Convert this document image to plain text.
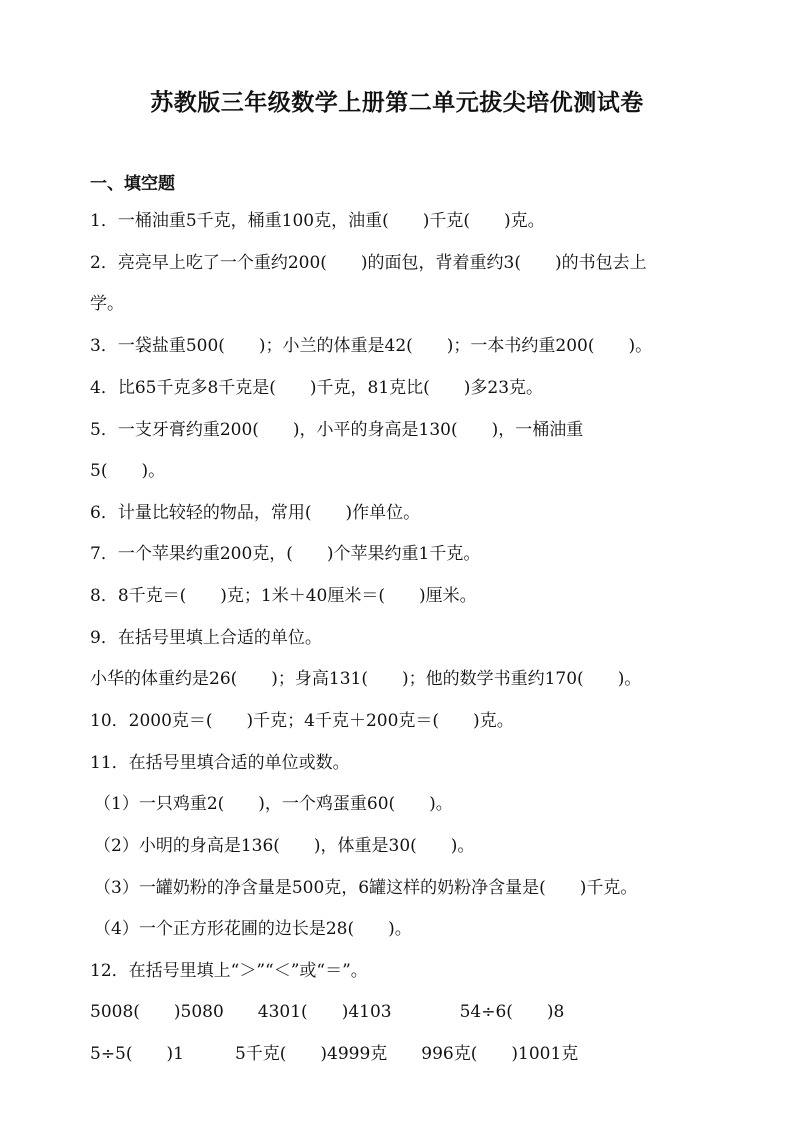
苏教版三年级数学上册第二单元拔尖培优测试卷
一、填空题
1．一桶油重5千克，桶重100克，油重(　　)千克(　　)克。
2．亮亮早上吃了一个重约200(　　)的面包，背着重约3(　　)的书包去上
学。
3．一袋盐重500(　　)；小兰的体重是42(　　)；一本书约重200(　　)。
4．比65千克多8千克是(　　)千克，81克比(　　)多23克。
5．一支牙膏约重200(　　)，小平的身高是130(　　)，一桶油重
5(　　)。
6．计量比较轻的物品，常用(　　)作单位。
7．一个苹果约重200克，(　　)个苹果约重1千克。
8．8千克＝(　　)克；1米＋40厘米＝(　　)厘米。
9．在括号里填上合适的单位。
小华的体重约是26(　　)；身高131(　　)；他的数学书重约170(　　)。
10．2000克＝(　　)千克；4千克＋200克＝(　　)克。
11．在括号里填合适的单位或数。
（1）一只鸡重2(　　)，一个鸡蛋重60(　　)。
（2）小明的身高是136(　　)，体重是30(　　)。
（3）一罐奶粉的净含量是500克，6罐这样的奶粉净含量是(　　)千克。
（4）一个正方形花圃的边长是28(　　)。
12．在括号里填上“＞”“＜”或“＝”。
5008(　　)5080　　4301(　　)4103　　　　54÷6(　　)8
5÷5(　　)1　　　5千克(　　)4999克　　996克(　　)1001克
